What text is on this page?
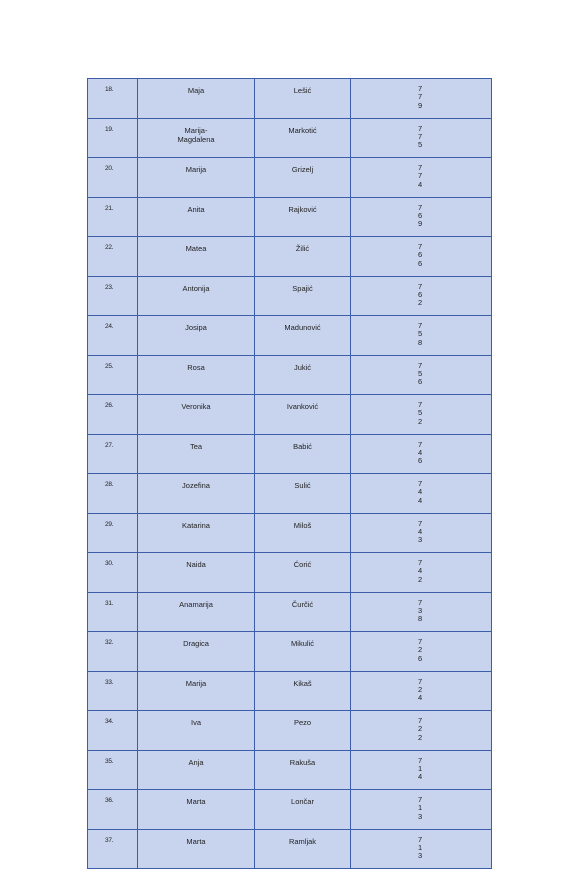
18.	Maja	Lešić	7
7
9

19.	Marija-
Magdalena	Markotić	7
7
5

20.	Marija	Grizelj	7
7
4

21.	Anita	Rajković	7
6
9

22.	Matea	Žilić	7
6
6

23.	Antonija	Spajić	7
6
2

24.	Josipa	Madunović	7
5
8

25.	Rosa	Jukić	7
5
6

26.	Veronika	Ivanković	7
5
2

27.	Tea	Babić	7
4
6

28.	Jozefina	Sulić	7
4
4

29.	Katarina	Miloš	7
4
3

30.	Naida	Ćorić	7
4
2

31.	Anamarija	Čurčić	7
3
8

32.	Dragica	Mikulić	7
2
6

33.	Marija	Kikaš	7
2
4

34.	Iva	Pezo	7
2
2

35.	Anja	Rakuša	7
1
4

36.	Marta	Lončar	7
1
3

37.	Marta	Ramljak	7
1
3
